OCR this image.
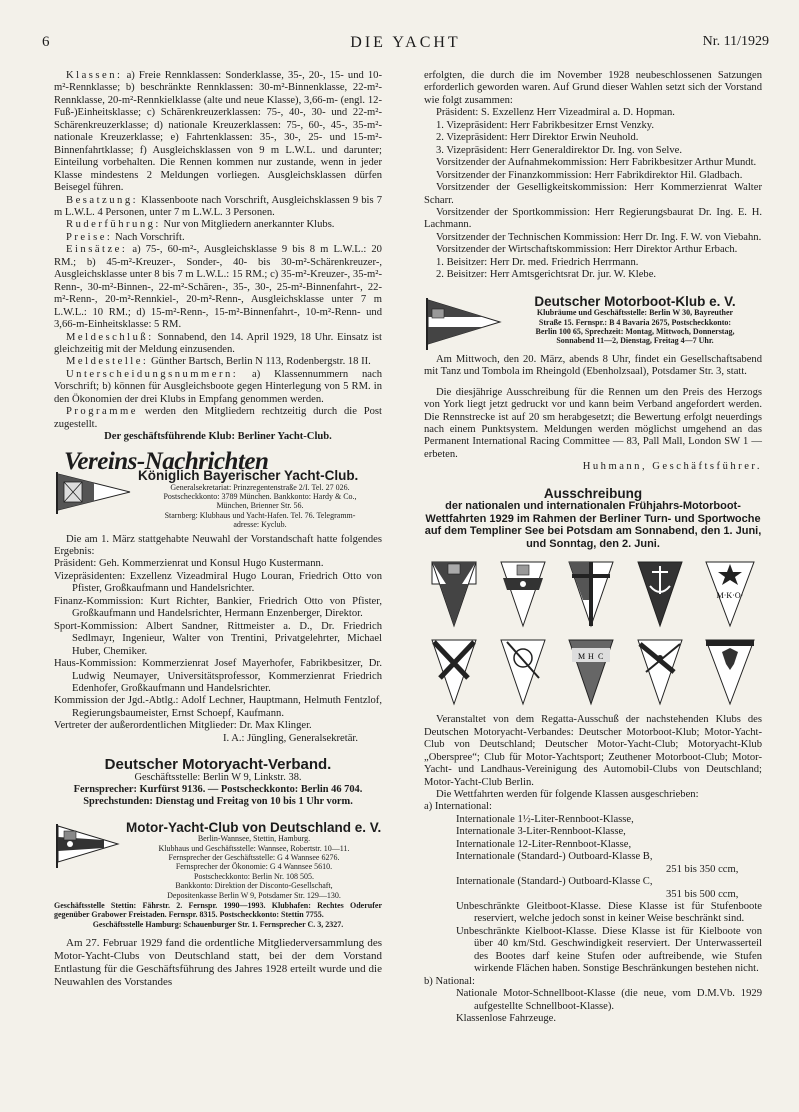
6	DIE YACHT	Nr. 11/1929

Klassen: a) Freie Rennklassen: Sonderklasse, 35-, 20-, 15- und 10-m²-Rennklasse; b) beschränkte Rennklassen: 30-m²-Binnenklasse, 22-m²-Rennklasse, 20-m²-Rennkielklasse (alte und neue Klasse), 3,66-m- (engl. 12-Fuß-)Einheitsklasse; c) Schärenkreuzerklassen: 75-, 40-, 30- und 22-m²-Schärenkreuzerklasse; d) nationale Kreuzerklassen: 75-, 60-, 45-, 35-m²-nationale Kreuzerklasse; e) Fahrtenklassen: 35-, 30-, 25- und 15-m²-Binnenfahrtklasse; f) Ausgleichsklassen von 9 m L.W.L. und darunter; Einteilung vorbehalten. Die Rennen kommen nur zustande, wenn in jeder Klasse mindestens 2 Meldungen vorliegen. Ausgleichsklassen dürfen Beisegel führen.

Besatzung: Klassenboote nach Vorschrift, Ausgleichsklassen 9 bis 7 m L.W.L. 4 Personen, unter 7 m L.W.L. 3 Personen.

Ruderführung: Nur von Mitgliedern anerkannter Klubs.

Preise: Nach Vorschrift.

Einsätze: a) 75-, 60-m²-, Ausgleichsklasse 9 bis 8 m L.W.L.: 20 RM.; b) 45-m²-Kreuzer-, Sonder-, 40- bis 30-m²-Schärenkreuzer-, Ausgleichsklasse unter 8 bis 7 m L.W.L.: 15 RM.; c) 35-m²-Kreuzer-, 35-m²-Renn-, 30-m²-Binnen-, 22-m²-Schären-, 35-, 30-, 25-m²-Binnenfahrt-, 22-m²-Renn-, 20-m²-Rennkiel-, 20-m²-Renn-, Ausgleichsklasse unter 7 m L.W.L.: 10 RM.; d) 15-m²-Renn-, 15-m²-Binnenfahrt-, 10-m²-Renn- und 3,66-m-Einheitsklasse: 5 RM.

Meldeschluß: Sonnabend, den 14. April 1929, 18 Uhr. Einsatz ist gleichzeitig mit der Meldung einzusenden.

Meldestelle: Günther Bartsch, Berlin N 113, Rodenbergstr. 18 II.

Unterscheidungsnummern: a) Klassennummern nach Vorschrift; b) können für Ausgleichsboote gegen Hinterlegung von 5 RM. in den Ökonomien der drei Klubs in Empfang genommen werden.

Programme werden den Mitgliedern rechtzeitig durch die Post zugestellt.

Der geschäftsführende Klub: Berliner Yacht-Club.

Vereins-Nachrichten
Königlich Bayerischer Yacht-Club.
Generalsekretariat: Prinzregentenstraße 2/I. Tel. 27 026.
Postscheckkonto: 3789 München. Bankkonto: Hardy & Co.,
München, Brienner Str. 56.
Starnberg: Klubhaus und Yacht-Hafen. Tel. 76. Telegramm-
adresse: Kyclub.

Die am 1. März stattgehabte Neuwahl der Vorstandschaft hatte folgendes Ergebnis:

Präsident: Geh. Kommerzienrat und Konsul Hugo Kustermann.

Vizepräsidenten: Exzellenz Vizeadmiral Hugo Louran, Friedrich Otto von Pfister, Großkaufmann und Handelsrichter.

Finanz-Kommission: Kurt Richter, Bankier, Friedrich Otto von Pfister, Großkaufmann und Handelsrichter, Hermann Enzenberger, Direktor.

Sport-Kommission: Albert Sandner, Rittmeister a. D., Dr. Friedrich Sedlmayr, Ingenieur, Walter von Trentini, Privatgelehrter, Michael Huber, Chemiker.

Haus-Kommission: Kommerzienrat Josef Mayerhofer, Fabrikbesitzer, Dr. Ludwig Neumayer, Universitätsprofessor, Kommerzienrat Friedrich Edenhofer, Großkaufmann und Handelsrichter.

Kommission der Jgd.-Abtlg.: Adolf Lechner, Hauptmann, Helmuth Fentzlof, Regierungsbaumeister, Ernst Schoepf, Kaufmann.

Vertreter der außerordentlichen Mitglieder: Dr. Max Klinger.

I. A.: Jüngling, Generalsekretär.

Deutscher Motoryacht-Verband.
Geschäftsstelle: Berlin W 9, Linkstr. 38.
Fernsprecher: Kurfürst 9136. — Postscheckkonto: Berlin 46 704.
Sprechstunden: Dienstag und Freitag von 10 bis 1 Uhr vorm.
Motor-Yacht-Club von Deutschland e. V.
Berlin-Wannsee, Stettin, Hamburg.
Klubhaus und Geschäftsstelle: Wannsee, Robertstr. 10—11.
Fernsprecher der Geschäftsstelle: G 4 Wannsee 6276.
Fernsprecher der Ökonomie: G 4 Wannsee 5610.
Postscheckkonto: Berlin Nr. 108 505.
Bankkonto: Direktion der Disconto-Gesellschaft,
Depositenkasse Berlin W 9, Potsdamer Str. 129—130.
Geschäftsstelle Stettin: Fährstr. 2. Fernspr. 1990—1993. Klubhafen: Rechtes Oderufer gegenüber Grabower Freistaden. Fernspr. 8315. Postscheckkonto: Stettin 7755.
Geschäftsstelle Hamburg: Schauenburger Str. 1. Fernsprecher C. 3, 2327.

Am 27. Februar 1929 fand die ordentliche Mitgliederversammlung des Motor-Yacht-Clubs von Deutschland statt, bei der dem Vorstand Entlastung für die Geschäftsführung des Jahres 1928 erteilt wurde und die Neuwahlen des Vorstandes

erfolgten, die durch die im November 1928 neubeschlossenen Satzungen erforderlich geworden waren. Auf Grund dieser Wahlen setzt sich der Vorstand wie folgt zusammen:

Präsident: S. Exzellenz Herr Vizeadmiral a. D. Hopman.

1. Vizepräsident: Herr Fabrikbesitzer Ernst Venzky.

2. Vizepräsident: Herr Direktor Erwin Neuhold.

3. Vizepräsident: Herr Generaldirektor Dr. Ing. von Selve.

Vorsitzender der Aufnahmekommission: Herr Fabrikbesitzer Arthur Mundt.

Vorsitzender der Finanzkommission: Herr Fabrikdirektor Hil. Gladbach.

Vorsitzender der Geselligkeitskommission: Herr Kommerzienrat Walter Scharr.

Vorsitzender der Sportkommission: Herr Regierungsbaurat Dr. Ing. E. H. Lachmann.

Vorsitzender der Technischen Kommission: Herr Dr. Ing. F. W. von Viebahn.

Vorsitzender der Wirtschaftskommission: Herr Direktor Arthur Erbach.

1. Beisitzer: Herr Dr. med. Friedrich Herrmann.

2. Beisitzer: Herr Amtsgerichtsrat Dr. jur. W. Klebe.

Deutscher Motorboot-Klub e. V.
Klubräume und Geschäftsstelle: Berlin W 30, Bayreuther
Straße 15. Fernspr.: B 4 Bavaria 2675, Postscheckkonto:
Berlin 100 65, Sprechzeit: Montag, Mittwoch, Donnerstag,
Sonnabend 11—2, Dienstag, Freitag 4—7 Uhr.

Am Mittwoch, den 20. März, abends 8 Uhr, findet ein Gesellschaftsabend mit Tanz und Tombola im Rheingold (Ebenholzsaal), Potsdamer Str. 3, statt.

Die diesjährige Ausschreibung für die Rennen um den Preis des Herzogs von York liegt jetzt gedruckt vor und kann beim Verband angefordert werden. Die Rennstrecke ist auf 20 sm herabgesetzt; die Bewertung erfolgt neuerdings nach einem Punktsystem. Meldungen werden möglichst umgehend an das Permanent International Racing Committee — 83, Pall Mall, London SW 1 — erbeten.

Huhmann, Geschäftsführer.

Ausschreibung
der nationalen und internationalen Frühjahrs-Motorboot-Wettfahrten 1929 im Rahmen der Berliner Turn- und Sportwoche auf dem Templiner See bei Potsdam am Sonnabend, den 1. Juni, und Sonntag, den 2. Juni.
M·K·O·
M H C

Veranstaltet von dem Regatta-Ausschuß der nachstehenden Klubs des Deutschen Motoryacht-Verbandes: Deutscher Motorboot-Klub; Motor-Yacht-Club von Deutschland; Deutscher Motor-Yacht-Club; Motoryacht-Klub „Oberspree“; Club für Motor-Yachtsport; Zeuthener Motorboot-Club; Motor-Yacht- und Landhaus-Vereinigung des Automobil-Clubs von Deutschland; Motor-Yacht-Club Berlin.

Die Wettfahrten werden für folgende Klassen ausgeschrieben:

a) International:

Internationale 1½-Liter-Rennboot-Klasse,
Internationale 3-Liter-Rennboot-Klasse,
Internationale 12-Liter-Rennboot-Klasse,
Internationale (Standard-) Outboard-Klasse B,
251 bis 350 ccm,
Internationale (Standard-) Outboard-Klasse C,
351 bis 500 ccm,

Unbeschränkte Gleitboot-Klasse. Diese Klasse ist für Stufenboote reserviert, welche jedoch sonst in keiner Weise beschränkt sind.

Unbeschränkte Kielboot-Klasse. Diese Klasse ist für Kielboote von über 40 km/Std. Geschwindigkeit reserviert. Der Unterwasserteil des Bootes darf keine Stufen oder auftreibende, wie Stufen wirkende Flächen haben. Sonstige Beschränkungen bestehen nicht.

b) National:

Nationale Motor-Schnellboot-Klasse (die neue, vom D.M.Vb. 1929 aufgestellte Schnellboot-Klasse).

Klassenlose Fahrzeuge.
